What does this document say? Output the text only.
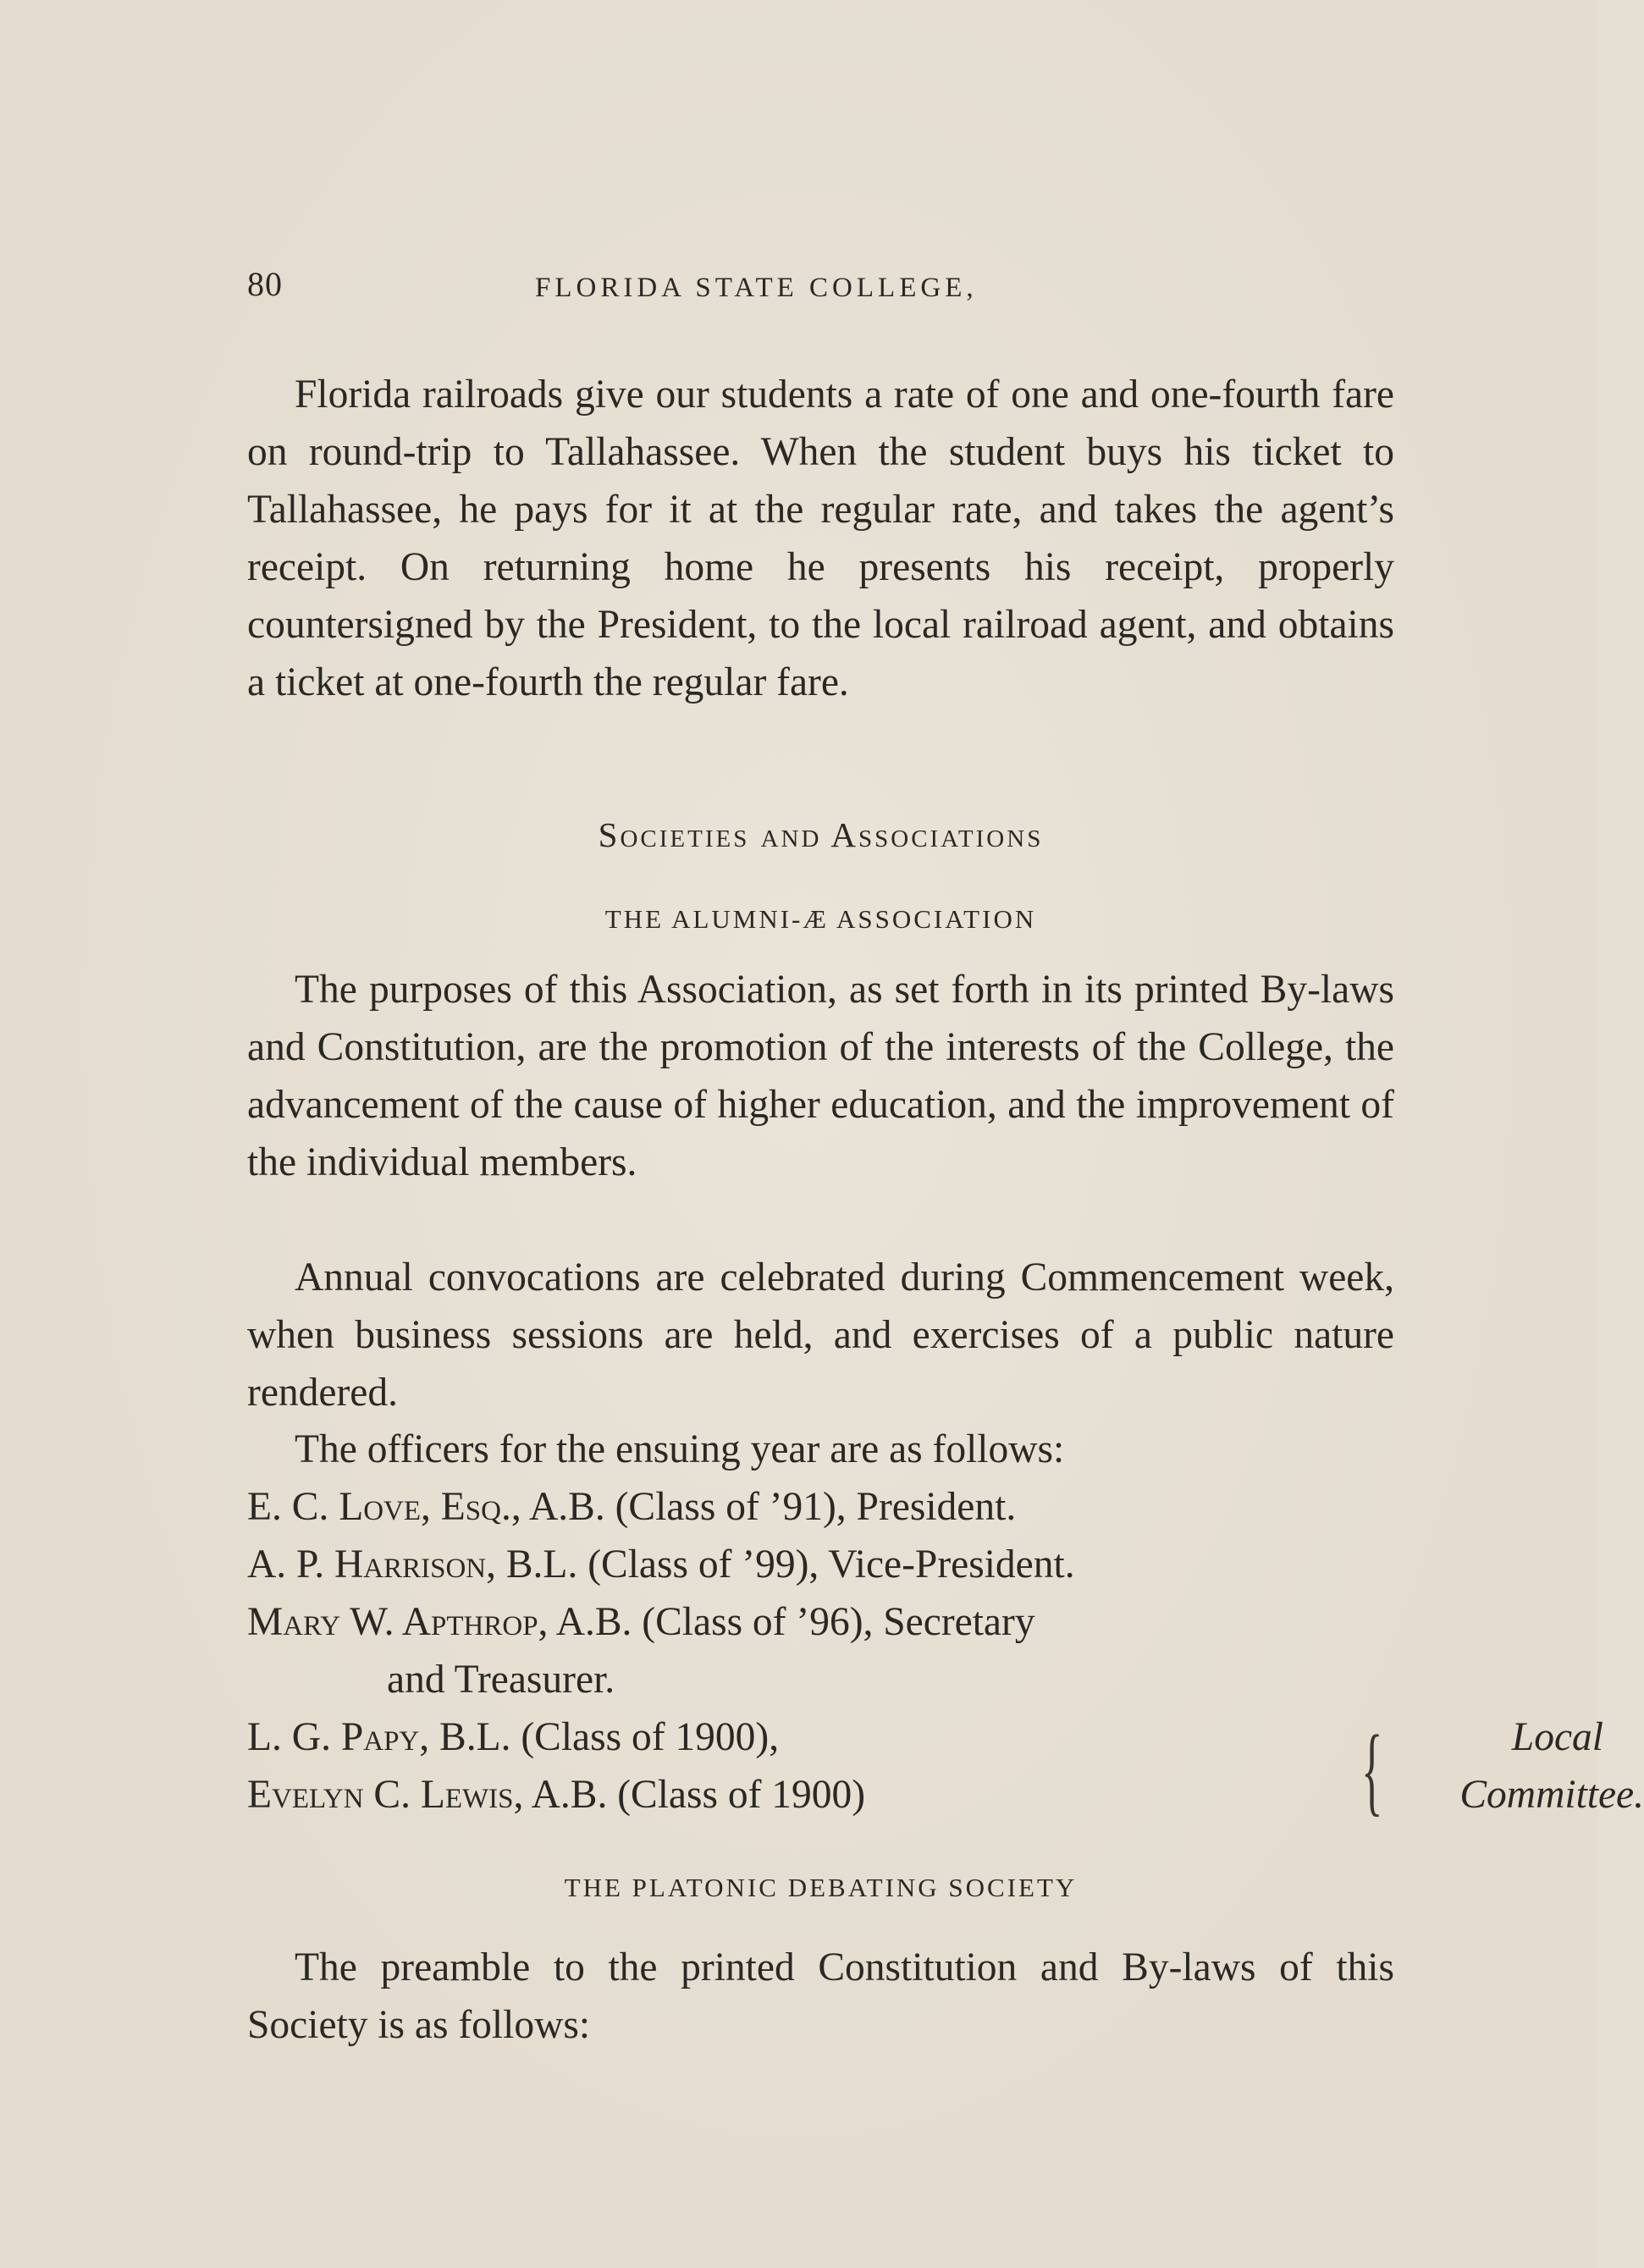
80	FLORIDA STATE COLLEGE,

Florida railroads give our students a rate of one and one-fourth fare on round-trip to Tallahassee. When the student buys his ticket to Tallahassee, he pays for it at the regular rate, and takes the agent’s receipt. On returning home he presents his receipt, properly countersigned by the President, to the local railroad agent, and obtains a ticket at one-fourth the regular fare.

Societies and Associations
THE ALUMNI-Æ ASSOCIATION

The purposes of this Association, as set forth in its printed By-laws and Constitution, are the promotion of the interests of the College, the advancement of the cause of higher education, and the improvement of the individual members.

Annual convocations are celebrated during Commencement week, when business sessions are held, and exercises of a public nature rendered.

The officers for the ensuing year are as follows:

E. C. Love, Esq., A.B. (Class of ’91), President.
A. P. Harrison, B.L. (Class of ’99), Vice-President.
Mary W. Apthrop, A.B. (Class of ’96), Secretary
and Treasurer.
L. G. Papy, B.L. (Class of 1900),
Evelyn C. Lewis, A.B. (Class of 1900)	{	Local
Committee.
THE PLATONIC DEBATING SOCIETY

The preamble to the printed Constitution and By-laws of this Society is as follows:
